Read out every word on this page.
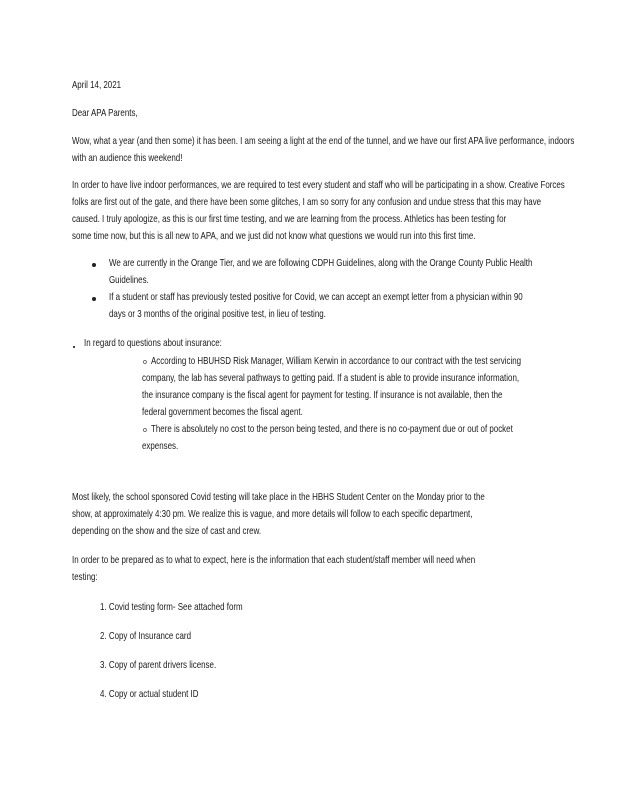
April 14, 2021
Dear APA Parents,
Wow, what a year (and then some) it has been. I am seeing a light at the end of the tunnel, and we have our first APA live performance, indoors
with an audience this weekend!
In order to have live indoor performances, we are required to test every student and staff who will be participating in a show. Creative Forces
folks are first out of the gate, and there have been some glitches, I am so sorry for any confusion and undue stress that this may have
caused. I truly apologize, as this is our first time testing, and we are learning from the process. Athletics has been testing for
some time now, but this is all new to APA, and we just did not know what questions we would run into this first time.
We are currently in the Orange Tier, and we are following CDPH Guidelines, along with the Orange County Public Health
Guidelines.
If a student or staff has previously tested positive for Covid, we can accept an exempt letter from a physician within 90
days or 3 months of the original positive test, in lieu of testing.
In regard to questions about insurance:
o According to HBUHSD Risk Manager, William Kerwin in accordance to our contract with the test servicing
company, the lab has several pathways to getting paid. If a student is able to provide insurance information,
the insurance company is the fiscal agent for payment for testing. If insurance is not available, then the
federal government becomes the fiscal agent.
o There is absolutely no cost to the person being tested, and there is no co-payment due or out of pocket
expenses.
Most likely, the school sponsored Covid testing will take place in the HBHS Student Center on the Monday prior to the
show, at approximately 4:30 pm. We realize this is vague, and more details will follow to each specific department,
depending on the show and the size of cast and crew.
In order to be prepared as to what to expect, here is the information that each student/staff member will need when
testing:
1. Covid testing form- See attached form
2. Copy of Insurance card
3. Copy of parent drivers license.
4. Copy or actual student ID
